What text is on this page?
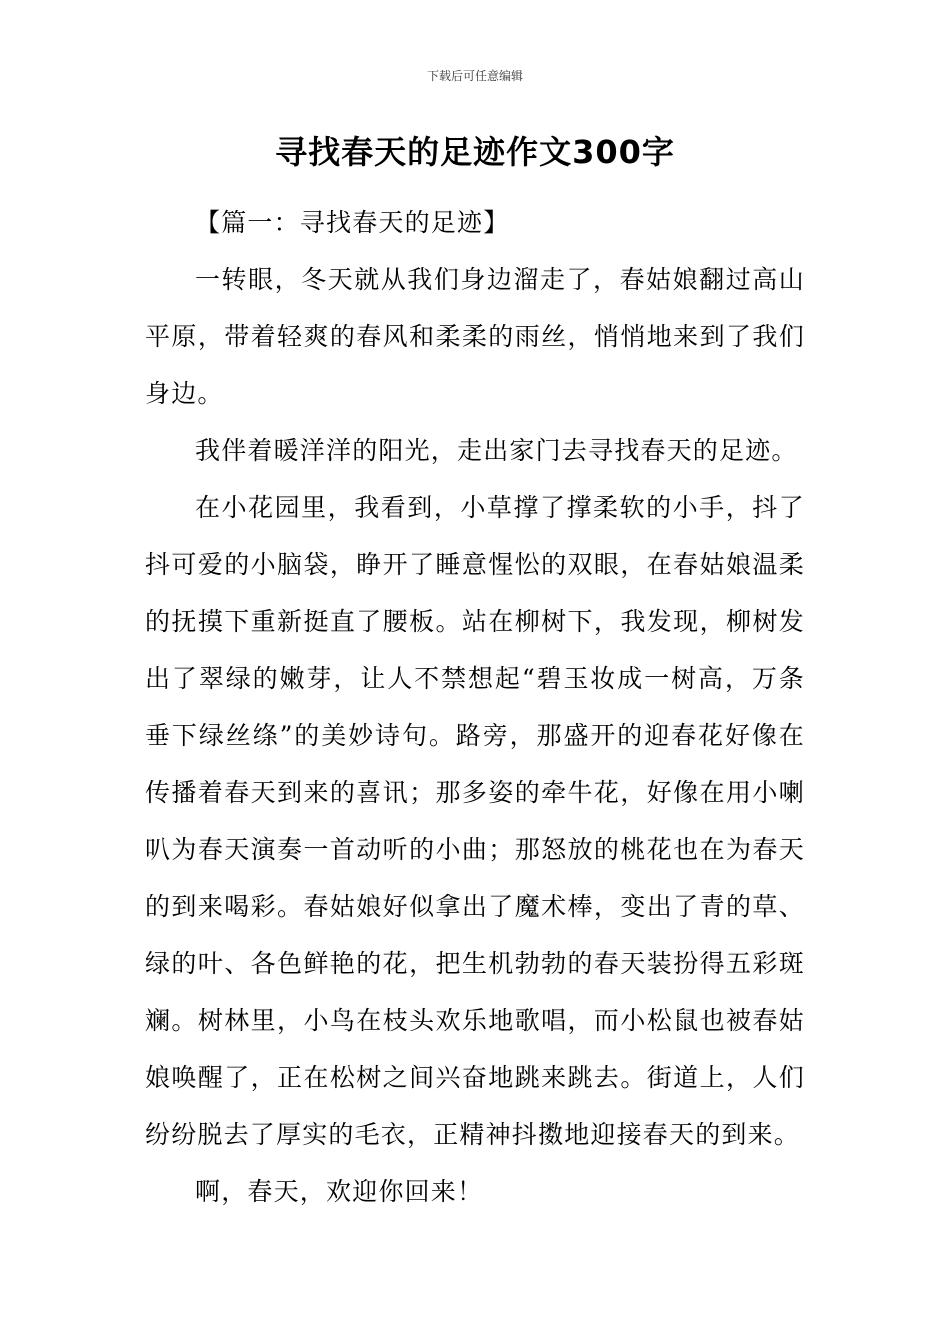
下载后可任意编辑
寻找春天的足迹作文300字

【篇一：寻找春天的足迹】

一转眼，冬天就从我们身边溜走了，春姑娘翻过高山平原，带着轻爽的春风和柔柔的雨丝，悄悄地来到了我们身边。

我伴着暖洋洋的阳光，走出家门去寻找春天的足迹。

在小花园里，我看到，小草撑了撑柔软的小手，抖了抖可爱的小脑袋，睁开了睡意惺忪的双眼，在春姑娘温柔的抚摸下重新挺直了腰板。站在柳树下，我发现，柳树发出了翠绿的嫩芽，让人不禁想起“碧玉妆成一树高，万条垂下绿丝绦”的美妙诗句。路旁，那盛开的迎春花好像在传播着春天到来的喜讯；那多姿的牵牛花，好像在用小喇叭为春天演奏一首动听的小曲；那怒放的桃花也在为春天的到来喝彩。春姑娘好似拿出了魔术棒，变出了青的草、绿的叶、各色鲜艳的花，把生机勃勃的春天装扮得五彩斑斓。树林里，小鸟在枝头欢乐地歌唱，而小松鼠也被春姑娘唤醒了，正在松树之间兴奋地跳来跳去。街道上，人们纷纷脱去了厚实的毛衣，正精神抖擞地迎接春天的到来。

啊，春天，欢迎你回来！
